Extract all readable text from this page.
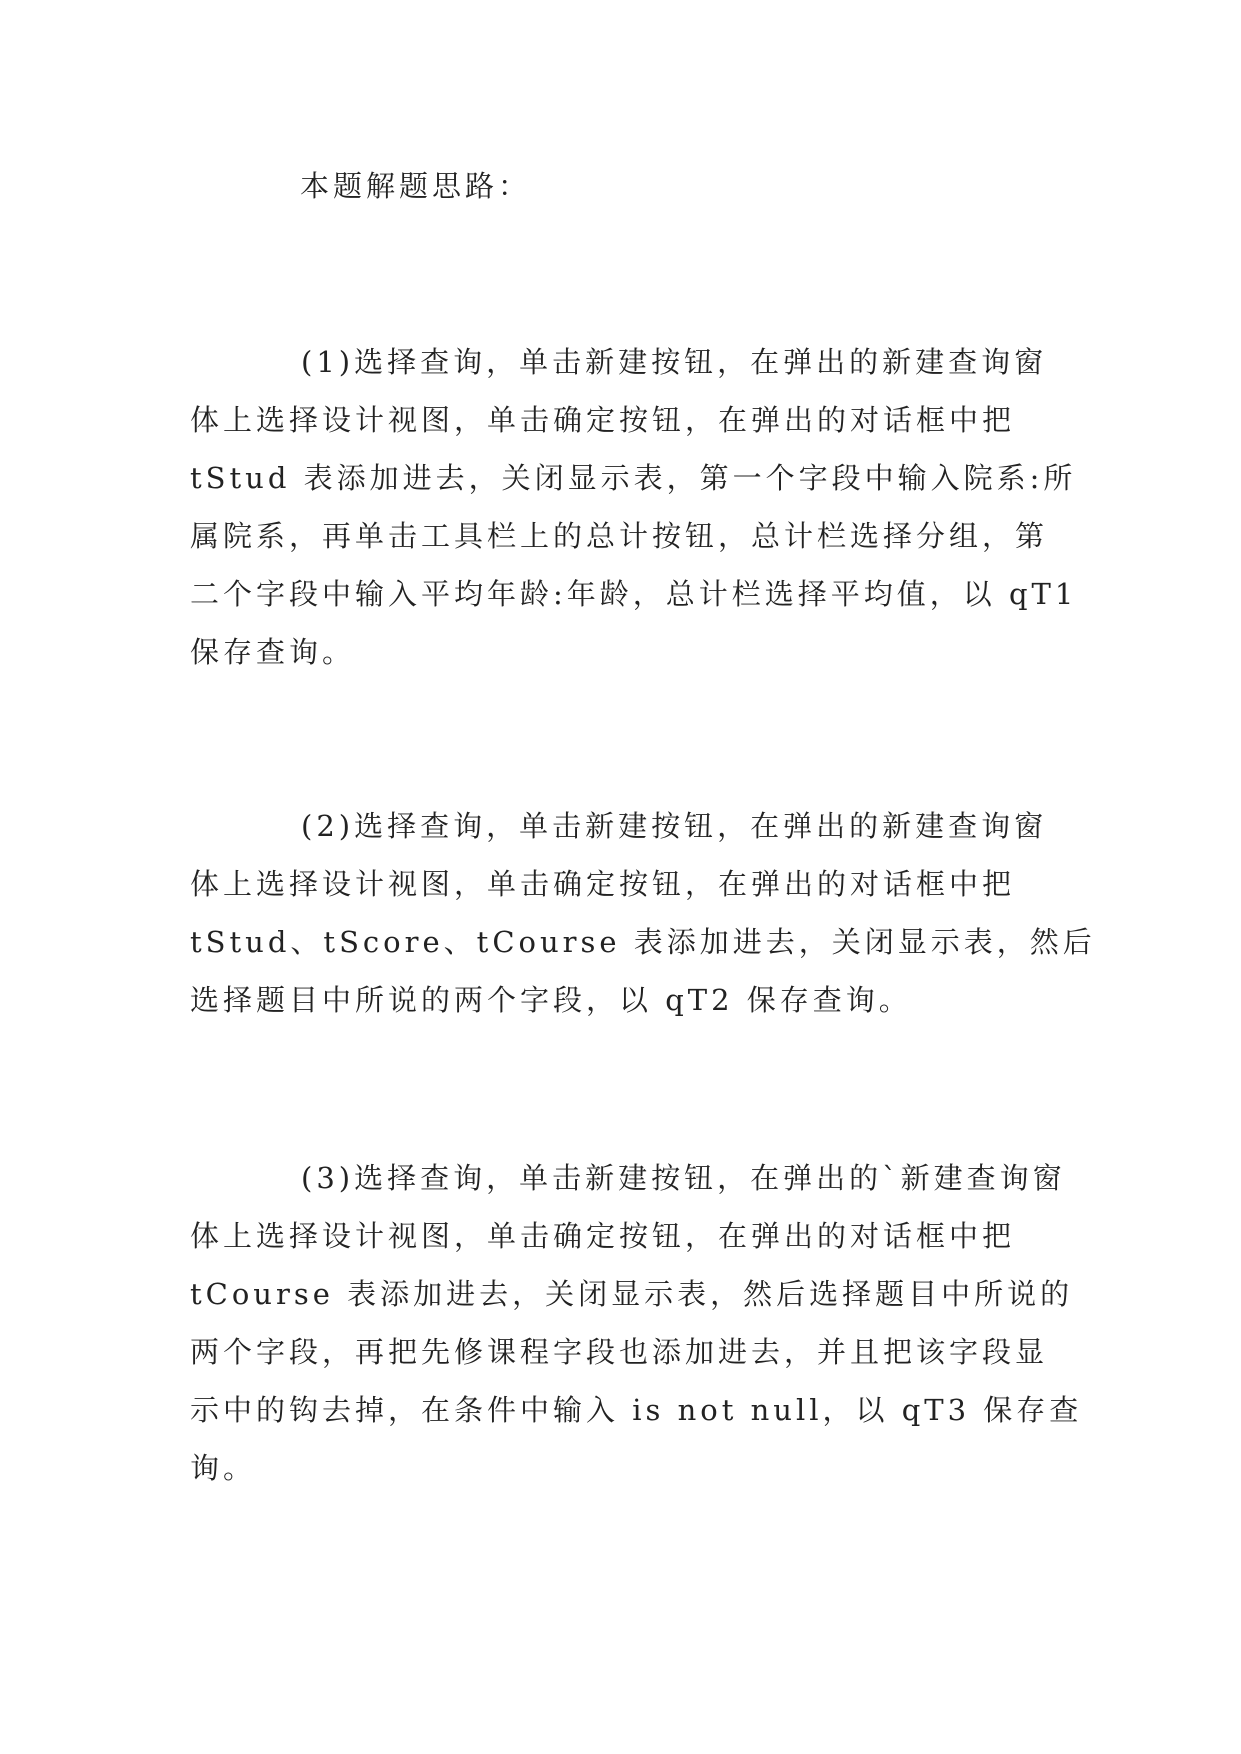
本题解题思路：
(1)选择查询，单击新建按钮，在弹出的新建查询窗
体上选择设计视图，单击确定按钮，在弹出的对话框中把
tStud 表添加进去，关闭显示表，第一个字段中输入院系:所
属院系，再单击工具栏上的总计按钮，总计栏选择分组，第
二个字段中输入平均年龄:年龄，总计栏选择平均值，以 qT1
保存查询。
(2)选择查询，单击新建按钮，在弹出的新建查询窗
体上选择设计视图，单击确定按钮，在弹出的对话框中把
tStud、tScore、tCourse 表添加进去，关闭显示表，然后
选择题目中所说的两个字段，以 qT2 保存查询。
(3)选择查询，单击新建按钮，在弹出的`新建查询窗
体上选择设计视图，单击确定按钮，在弹出的对话框中把
tCourse 表添加进去，关闭显示表，然后选择题目中所说的
两个字段，再把先修课程字段也添加进去，并且把该字段显
示中的钩去掉，在条件中输入 is not null，以 qT3 保存查
询。
